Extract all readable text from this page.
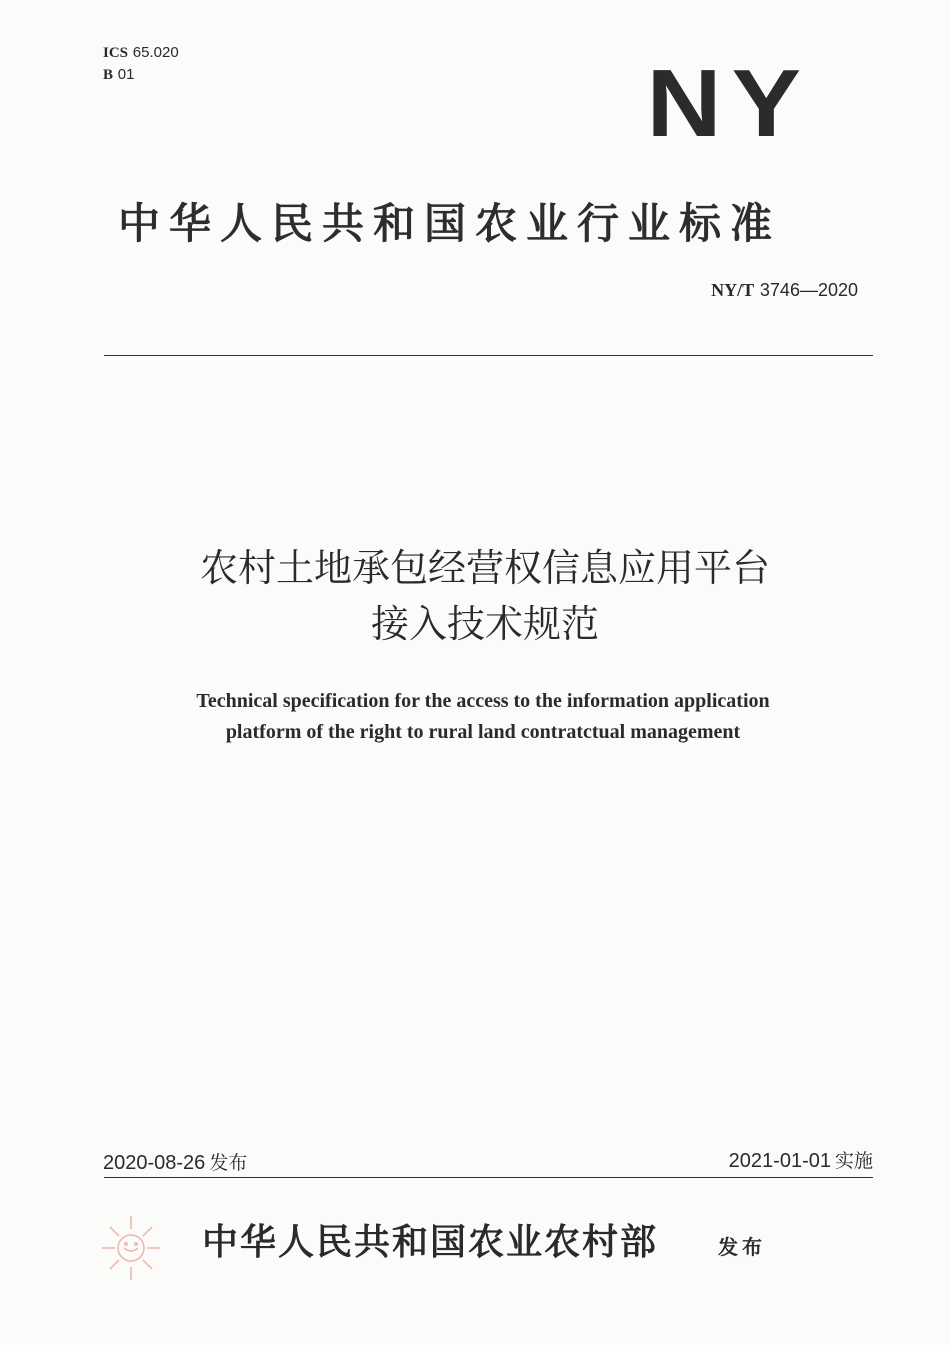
ICS 65.020
B 01	NY
中华人民共和国农业行业标准
NY/T 3746—2020
农村土地承包经营权信息应用平台
接入技术规范
Technical specification for the access to the information application
platform of the right to rural land contratctual management
2020-08-26 发布	2021-01-01 实施
中华人民共和国农业农村部	发布
